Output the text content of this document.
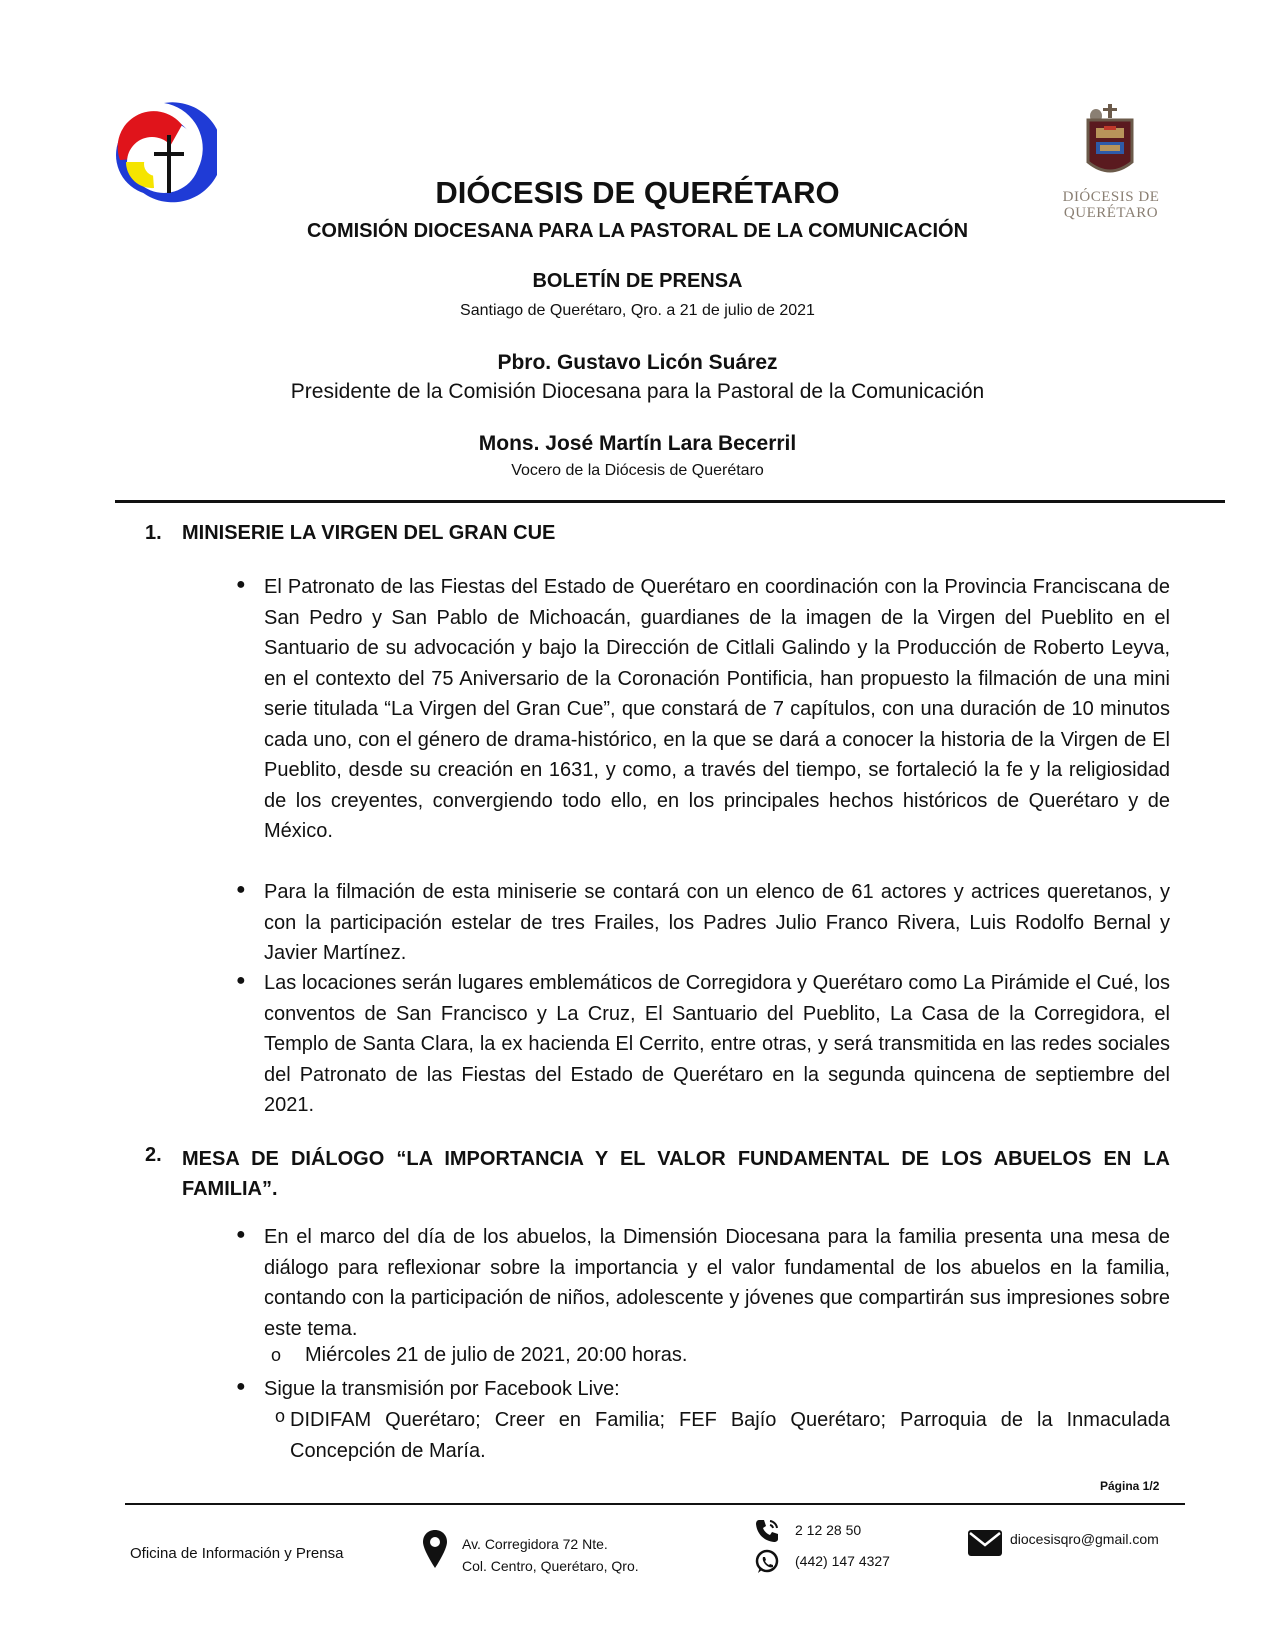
DIÓCESIS DE
QUERÉTARO
DIÓCESIS DE QUERÉTARO
COMISIÓN DIOCESANA PARA LA PASTORAL DE LA COMUNICACIÓN
BOLETÍN DE PRENSA
Santiago de Querétaro, Qro. a 21 de julio de 2021
Pbro. Gustavo Licón Suárez
Presidente de la Comisión Diocesana para la Pastoral de la Comunicación
Mons. José Martín Lara Becerril
Vocero de la Diócesis de Querétaro
1. MINISERIE LA VIRGEN DEL GRAN CUE
● El Patronato de las Fiestas del Estado de Querétaro en coordinación con la Provincia Franciscana de San Pedro y San Pablo de Michoacán, guardianes de la imagen de la Virgen del Pueblito en el Santuario de su advocación y bajo la Dirección de Citlali Galindo y la Producción de Roberto Leyva, en el contexto del 75 Aniversario de la Coronación Pontificia, han propuesto la filmación de una mini serie titulada “La Virgen del Gran Cue”, que constará de 7 capítulos, con una duración de 10 minutos cada uno, con el género de drama-histórico, en la que se dará a conocer la historia de la Virgen de El Pueblito, desde su creación en 1631, y como, a través del tiempo, se fortaleció la fe y la religiosidad de los creyentes, convergiendo todo ello, en los principales hechos históricos de Querétaro y de México.
● Para la filmación de esta miniserie se contará con un elenco de 61 actores y actrices queretanos, y con la participación estelar de tres Frailes, los Padres Julio Franco Rivera, Luis Rodolfo Bernal y Javier Martínez.
● Las locaciones serán lugares emblemáticos de Corregidora y Querétaro como La Pirámide el Cué, los conventos de San Francisco y La Cruz, El Santuario del Pueblito, La Casa de la Corregidora, el Templo de Santa Clara, la ex hacienda El Cerrito, entre otras, y será transmitida en las redes sociales del Patronato de las Fiestas del Estado de Querétaro en la segunda quincena de septiembre del 2021.
2. MESA DE DIÁLOGO “LA IMPORTANCIA Y EL VALOR FUNDAMENTAL DE LOS ABUELOS EN LA FAMILIA”.
● En el marco del día de los abuelos, la Dimensión Diocesana para la familia presenta una mesa de diálogo para reflexionar sobre la importancia y el valor fundamental de los abuelos en la familia, contando con la participación de niños, adolescente y jóvenes que compartirán sus impresiones sobre este tema.
o Miércoles 21 de julio de 2021, 20:00 horas.
● Sigue la transmisión por Facebook Live:
o DIDIFAM Querétaro; Creer en Familia; FEF Bajío Querétaro; Parroquia de la Inmaculada Concepción de María.
Página 1/2
Oficina de Información y Prensa
Av. Corregidora 72 Nte.
Col. Centro, Querétaro, Qro.
2 12 28 50
(442) 147 4327
diocesisqro@gmail.com
